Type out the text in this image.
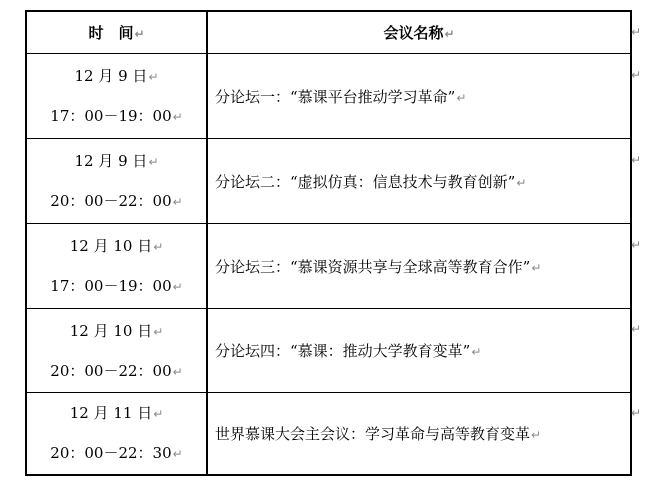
时　间↵	会议名称↵

12 月 9 日↵
17：00－19：00↵	分论坛一：“慕课平台推动学习革命”↵

12 月 9 日↵
20：00－22：00↵	分论坛二：“虚拟仿真：信息技术与教育创新”↵

12 月 10 日↵
17：00－19：00↵	分论坛三：“慕课资源共享与全球高等教育合作”↵

12 月 10 日↵
20：00－22：00↵	分论坛四：“慕课：推动大学教育变革”↵

12 月 11 日↵
20：00－22：30↵	世界慕课大会主会议：学习革命与高等教育变革↵
↵
↵
↵
↵
↵
↵
